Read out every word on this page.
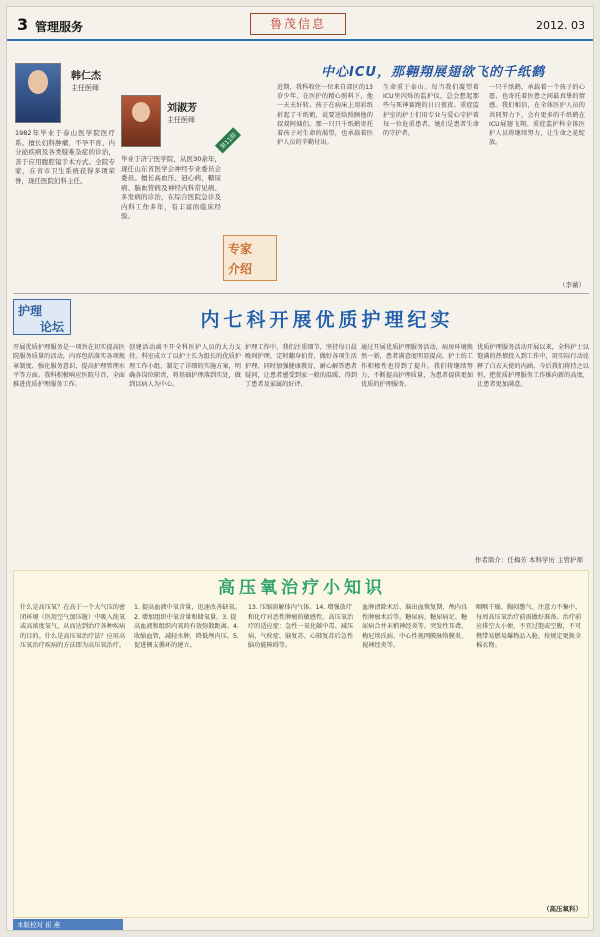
3 管理服务	鲁茂信息	2012. 03
韩仁杰
主任医师
1982年毕业于泰山医学院医疗系。擅长妇科肿瘤、不孕不育、内分泌疾病及各类疑难杂症的诊治，善于应用腹腔镜手术方式。全院专家，在省市卫生系统获得多项荣誉，现任医院妇科主任。
刘淑芳
主任医师
毕业于济宁医学院，从医30余年，现任山东省医学会神经专业委员会委员。擅长高血压、冠心病、糖尿病、脑血管病及神经内科常见病、多发病的诊治，在综合医院急诊及内科工作多年，有丰富的临床经验。
第11期
专家
介绍
中心ICU，那翱翔展翅欲飞的千纸鹤
近期，我科收住一位来自郊区的13岁少年，在医护的精心照料下，他一天天好转。孩子在病床上用彩纸折起了千纸鹤，说要送给照顾他的叔叔阿姨们。那一只只千纸鹤寄托着孩子对生命的渴望，也承载着医护人员的辛勤付出。
生命重于泰山。每当我们凝望着ICU里闪烁的监护仪，总会想起那些与死神赛跑的日日夜夜。重症监护室的护士们用专业与爱心守护着每一位危重患者，她们是患者生命的守护者。
一只千纸鹤，承载着一个孩子的心愿，也寄托着医患之间最真挚的情感。我们相信，在全体医护人员的共同努力下，会有更多的千纸鹤在ICU展翅飞翔。重症监护科全体医护人员将继续努力，让生命之花绽放。
（李薇）
护理
论坛	内七科开展优质护理纪实
开展优质护理服务是一项旨在切实提高医院服务质量的活动，内容包括落实各项规章制度、强化服务意识、提高护理管理水平等方面。我科积极响应医院号召，全面推进优质护理服务工作。
创建活动离不开全科医护人员的大力支持。科室成立了以护士长为组长的优质护理工作小组，制定了详细的实施方案，明确各岗位职责，将基础护理落到实处，做到以病人为中心。
护理工作中，我们注重细节，坚持每日晨晚间护理，定时翻身拍背，做好各项生活护理。同时加强健康教育，耐心解答患者疑问，让患者感受到家一般的温暖，得到了患者及家属的好评。
通过开展优质护理服务活动，病房环境焕然一新，患者满意度明显提高，护士的工作积极性也得到了提升。我们将继续努力，不断提高护理质量，为患者提供更加优质的护理服务。
优质护理服务活动开展以来，全科护士以饱满的热情投入到工作中，用实际行动诠释了白衣天使的内涵。今后我们将持之以恒，把优质护理服务工作推向新的高度，让患者更加满意。
作者简介：任梅芳 本科学历 主管护师
高压氧治疗小知识
什么是高压氧？在高于一个大气压的密闭环境（医用空气加压舱）中吸入纯氧或高浓度氧气，从而达到治疗各种疾病的目的。什么是高压氧治疗法？应用高压氧治疗疾病的方法即为高压氧治疗。
1. 提高血液中氧含量，迅速改善缺氧。2. 增加组织中氧含量和储氧量。3. 提高血液和组织内氧的有效弥散距离。4. 收缩血管，减轻水肿，降低颅内压。5. 促进侧支循环的建立。
13. 压缩溶解体内气体。14. 增强放疗和化疗对恶性肿瘤的敏感性。高压氧治疗的适应症：急性一氧化碳中毒、减压病、气栓症、脑复苏、心肺复苏后急性脑功能障碍等。
血肿清除术后、脑出血恢复期、颅内良性肿瘤术后等。糖尿病、糖尿病足、糖尿病合并末梢神经炎等。突发性耳聋、梅尼埃氏病、中心性视网膜脉络膜炎、视神经炎等。
咽喉干燥、胸闷憋气、注意力不集中、每周高压氧治疗前需做好准备。治疗前应排空大小便，不宜过饱或空腹，不可携带易燃易爆物品入舱，按规定更换全棉衣物。
（高压氧科）
本版校对 崔 燕
